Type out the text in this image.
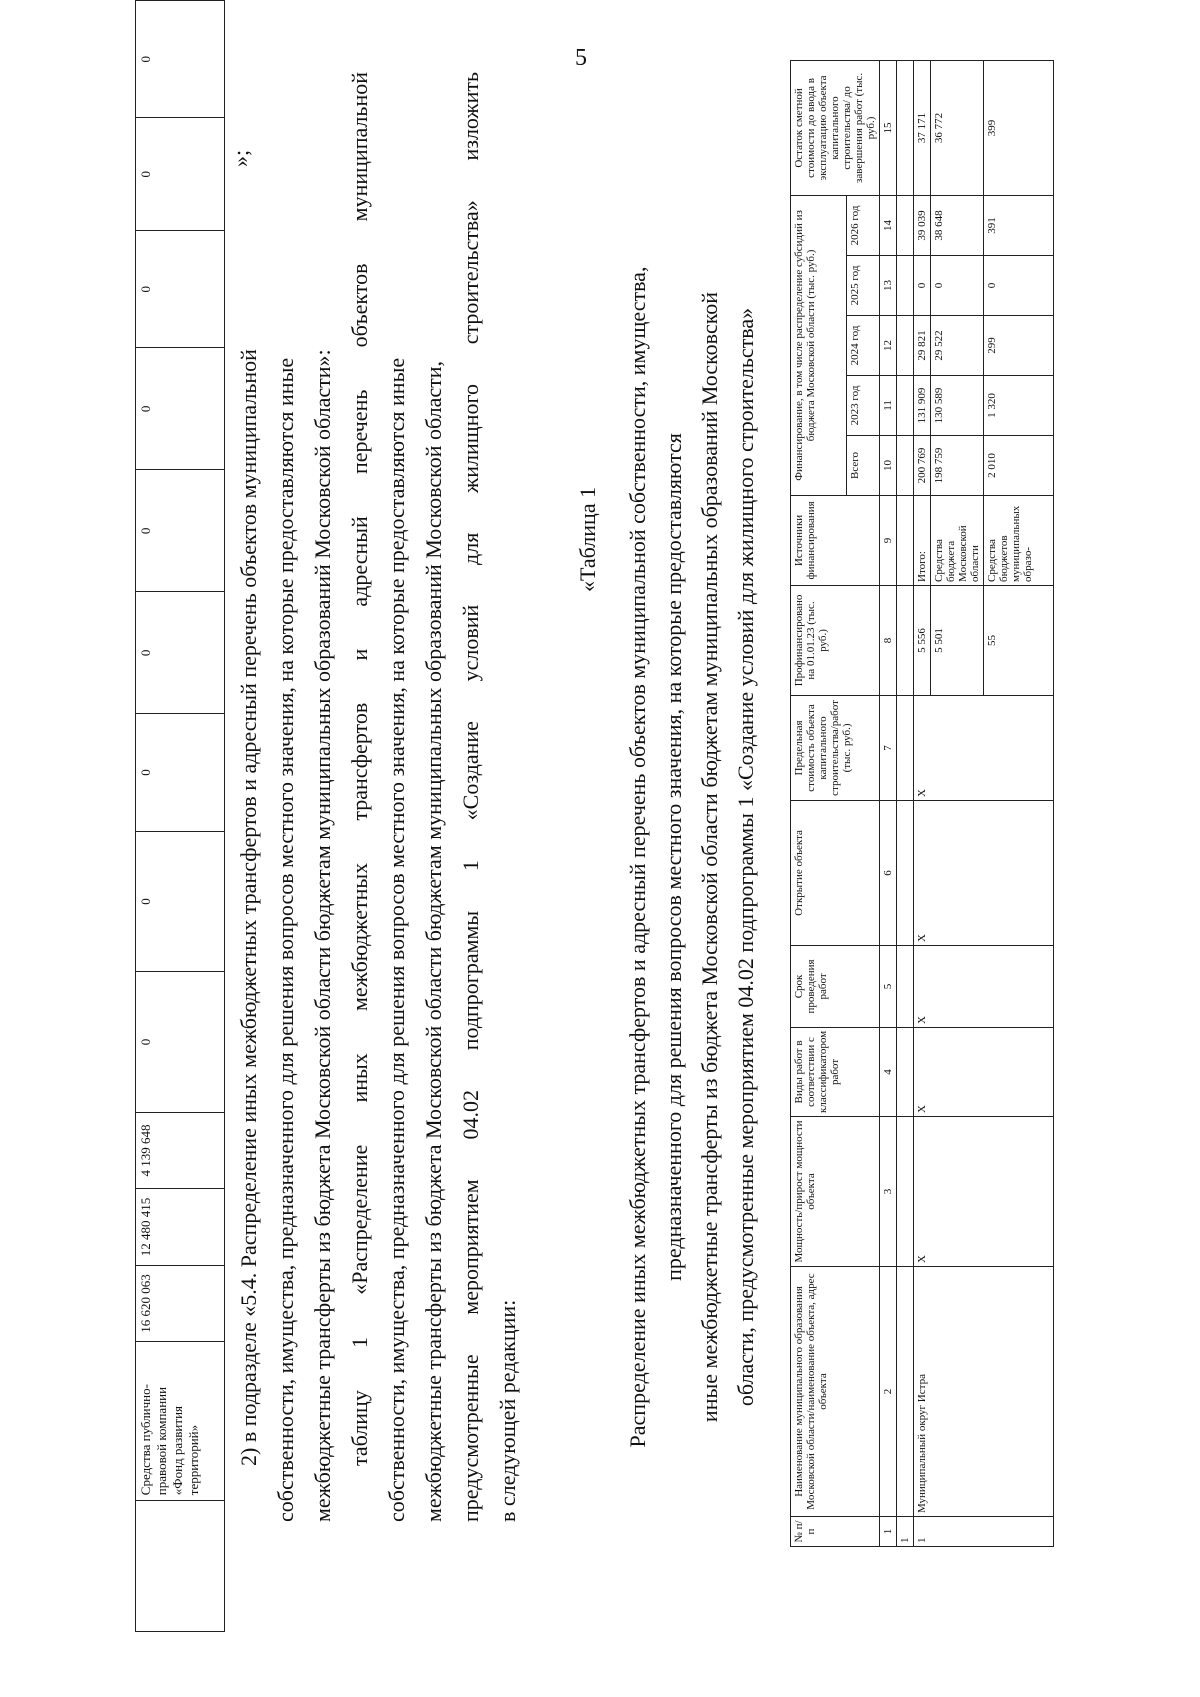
5
	Средства публично-правовой компании «Фонд развития территорий»	16 620 063	12 480 415	4 139 648	0	0	0	0	0	0	0	0	0
»;
2) в подразделе «5.4. Распределение иных межбюджетных трансфертов и адресный перечень объектов муниципальной собственности, имущества, предназначенного для решения вопросов местного значения, на которые предоставляются иные межбюджетные трансферты из бюджета Московской области бюджетам муниципальных образований Московской области»: таблицу 1 «Распределение иных межбюджетных трансфертов и адресный перечень объектов муниципальной собственности, имущества, предназначенного для решения вопросов местного значения, на которые предоставляются иные межбюджетные трансферты из бюджета Московской области бюджетам муниципальных образований Московской области, предусмотренные мероприятием 04.02 подпрограммы 1 «Создание условий для жилищного строительства» изложить в следующей редакции:
«Таблица 1 Распределение иных межбюджетных трансфертов и адресный перечень объектов муниципальной собственности, имущества, предназначенного для решения вопросов местного значения, на которые предоставляются иные межбюджетные трансферты из бюджета Московской области бюджетам муниципальных образований Московской области, предусмотренные мероприятием 04.02 подпрограммы 1 «Создание условий для жилищного строительства»
№ п/п	Наименование муниципального образования Московской области/наименование объекта, адрес объекта	Мощность/прирост мощности объекта	Виды работ в соответствии с классификатором работ	Срок проведения работ	Открытие объекта	Предельная стоимость объекта капитального строительства/работ (тыс. руб.)	Профинансировано на 01.01.23 (тыс. руб.)	Источники финансирования	Финансирование, в том числе распределение субсидий из бюджета Московской области (тыс. руб.)					Остаток сметной стоимости до ввода в эксплуатацию объекта капитального строительства/ до завершения работ (тыс. руб.)
									Всего	2023 год	2024 год	2025 год	2026 год	
1	2	3	4	5	6	7	8	9	10	11	12	13	14	15
1														
1	Муниципальный округ Истра	X	X	X	X	X	5 556	Итого:	200 769	131 909	29 821	0	39 039	37 171
							5 501	Средства бюджета Московской области	198 759	130 589	29 522	0	38 648	36 772
							55	Средства бюджетов муниципальных образо-	2 010	1 320	299	0	391	399
